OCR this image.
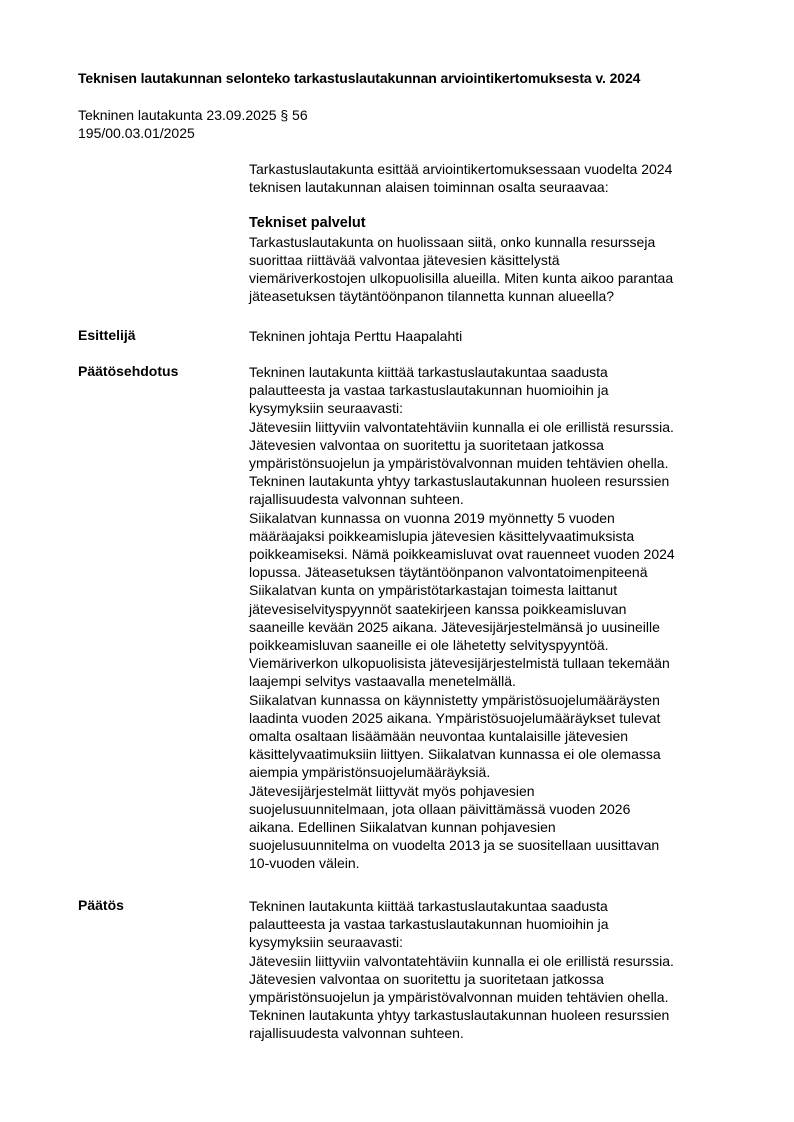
Teknisen lautakunnan selonteko tarkastuslautakunnan arviointikertomuksesta v. 2024
Tekninen lautakunta 23.09.2025 § 56
195/00.03.01/2025
Tarkastuslautakunta esittää arviointikertomuksessaan vuodelta 2024
teknisen lautakunnan alaisen toiminnan osalta seuraavaa:
Tekniset palvelut
Tarkastuslautakunta on huolissaan siitä, onko kunnalla resursseja
suorittaa riittävää valvontaa jätevesien käsittelystä
viemäriverkostojen ulkopuolisilla alueilla. Miten kunta aikoo parantaa
jäteasetuksen täytäntöönpanon tilannetta kunnan alueella?
Esittelijä	Tekninen johtaja Perttu Haapalahti
Päätösehdotus	Tekninen lautakunta kiittää tarkastuslautakuntaa saadusta
palautteesta ja vastaa tarkastuslautakunnan huomioihin ja
kysymyksiin seuraavasti:
Jätevesiin liittyviin valvontatehtäviin kunnalla ei ole erillistä resurssia.
Jätevesien valvontaa on suoritettu ja suoritetaan jatkossa
ympäristönsuojelun ja ympäristövalvonnan muiden tehtävien ohella.
Tekninen lautakunta yhtyy tarkastuslautakunnan huoleen resurssien
rajallisuudesta valvonnan suhteen.
Siikalatvan kunnassa on vuonna 2019 myönnetty 5 vuoden
määräajaksi poikkeamislupia jätevesien käsittelyvaatimuksista
poikkeamiseksi. Nämä poikkeamisluvat ovat rauenneet vuoden 2024
lopussa. Jäteasetuksen täytäntöönpanon valvontatoimenpiteenä
Siikalatvan kunta on ympäristötarkastajan toimesta laittanut
jätevesiselvityspyynnöt saatekirjeen kanssa poikkeamisluvan
saaneille kevään 2025 aikana. Jätevesijärjestelmänsä jo uusineille
poikkeamisluvan saaneille ei ole lähetetty selvityspyyntöä.
Viemäriverkon ulkopuolisista jätevesijärjestelmistä tullaan tekemään
laajempi selvitys vastaavalla menetelmällä.
Siikalatvan kunnassa on käynnistetty ympäristösuojelumääräysten
laadinta vuoden 2025 aikana. Ympäristösuojelumääräykset tulevat
omalta osaltaan lisäämään neuvontaa kuntalaisille jätevesien
käsittelyvaatimuksiin liittyen. Siikalatvan kunnassa ei ole olemassa
aiempia ympäristönsuojelumääräyksiä.
Jätevesijärjestelmät liittyvät myös pohjavesien
suojelusuunnitelmaan, jota ollaan päivittämässä vuoden 2026
aikana. Edellinen Siikalatvan kunnan pohjavesien
suojelusuunnitelma on vuodelta 2013 ja se suositellaan uusittavan
10-vuoden välein.
Päätös	Tekninen lautakunta kiittää tarkastuslautakuntaa saadusta
palautteesta ja vastaa tarkastuslautakunnan huomioihin ja
kysymyksiin seuraavasti:
Jätevesiin liittyviin valvontatehtäviin kunnalla ei ole erillistä resurssia.
Jätevesien valvontaa on suoritettu ja suoritetaan jatkossa
ympäristönsuojelun ja ympäristövalvonnan muiden tehtävien ohella.
Tekninen lautakunta yhtyy tarkastuslautakunnan huoleen resurssien
rajallisuudesta valvonnan suhteen.
